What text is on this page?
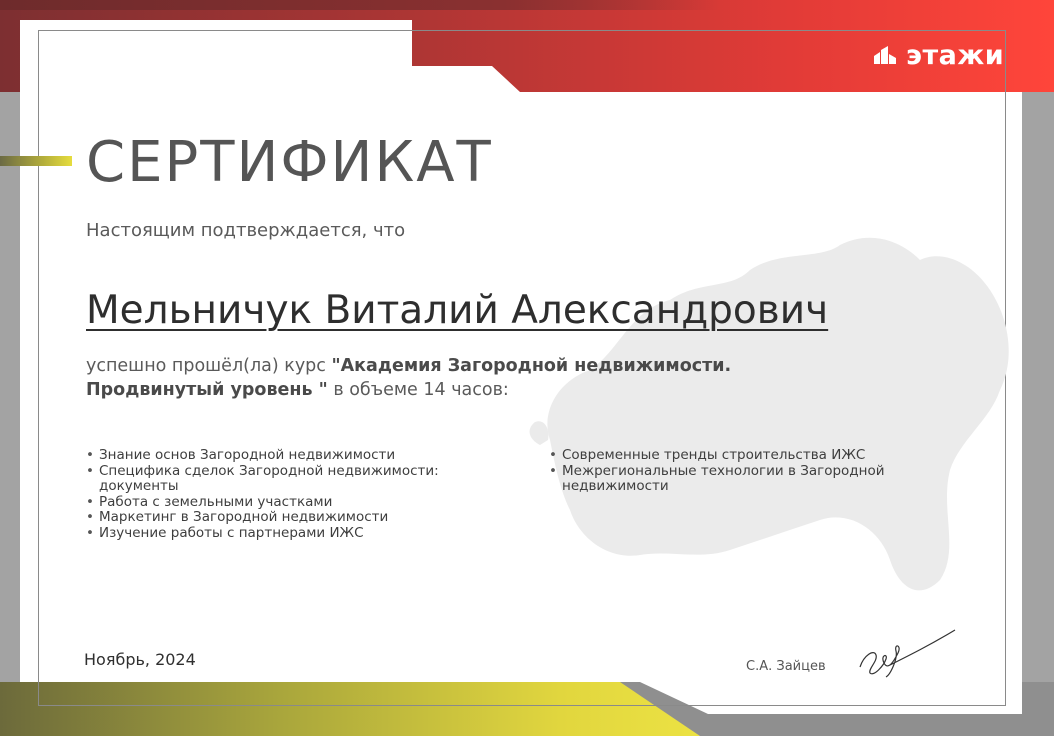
этажи
СЕРТИФИКАТ
Настоящим подтверждается, что
Мельничук Виталий Александрович
успешно прошёл(ла) курс "Академия Загородной недвижимости. Продвинутый уровень " в объеме 14 часов:
• Знание основ Загородной недвижимости
• Специфика сделок Загородной недвижимости: документы
• Работа с земельными участками
• Маркетинг в Загородной недвижимости
• Изучение работы с партнерами ИЖС
• Современные тренды строительства ИЖС
• Межрегиональные технологии в Загородной недвижимости
Ноябрь, 2024	С.А. Зайцев
